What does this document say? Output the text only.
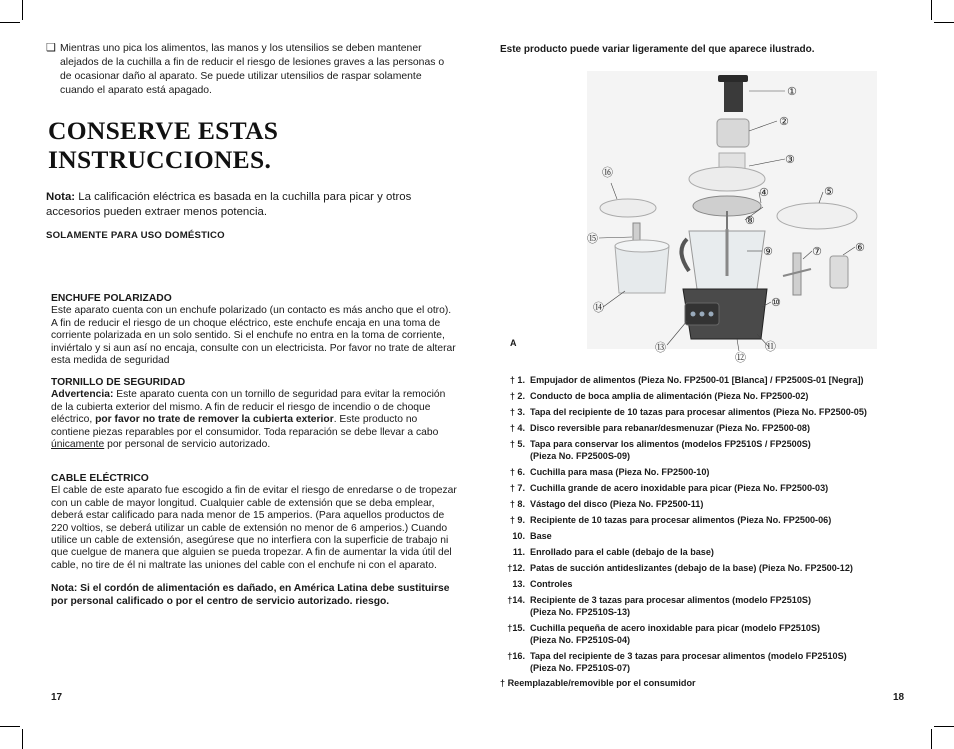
❑ Mientras uno pica los alimentos, las manos y los utensilios se deben mantener alejados de la cuchilla a fin de reducir el riesgo de lesiones graves a las personas o de ocasionar daño al aparato. Se puede utilizar utensilios de raspar solamente cuando el aparato está apagado.
CONSERVE ESTAS
INSTRUCCIONES.
Nota: La calificación eléctrica es basada en la cuchilla para picar y otros accesorios pueden extraer menos potencia.
SOLAMENTE PARA USO DOMÉSTICO
ENCHUFE POLARIZADO
Este aparato cuenta con un enchufe polarizado (un contacto es más ancho que el otro). A fin de reducir el riesgo de un choque eléctrico, este enchufe encaja en una toma de corriente polarizada en un solo sentido. Si el enchufe no entra en la toma de corriente, inviértalo y si aun así no encaja, consulte con un electricista. Por favor no trate de alterar esta medida de seguridad
TORNILLO DE SEGURIDAD
Advertencia: Este aparato cuenta con un tornillo de seguridad para evitar la remoción de la cubierta exterior del mismo. A fin de reducir el riesgo de incendio o de choque eléctrico, por favor no trate de remover la cubierta exterior. Este producto no contiene piezas reparables por el consumidor. Toda reparación se debe llevar a cabo únicamente por personal de servicio autorizado.
CABLE ELÉCTRICO
El cable de este aparato fue escogido a fin de evitar el riesgo de enredarse o de tropezar con un cable de mayor longitud. Cualquier cable de extensión que se deba emplear, deberá estar calificado para nada menor de 15 amperios. (Para aquellos productos de 220 voltios, se deberá utilizar un cable de extensión no menor de 6 amperios.) Cuando utilice un cable de extensión, asegúrese que no interfiera con la superficie de trabajo ni que cuelgue de manera que alguien se pueda tropezar. A fin de aumentar la vida útil del cable, no tire de él ni maltrate las uniones del cable con el enchufe ni con el aparato.
Nota: Si el cordón de alimentación es dañado, en América Latina debe sustituirse por personal calificado o por el centro de servicio autorizado. riesgo.
17
Este producto puede variar ligeramente del que aparece ilustrado.
①
②
③
④	⑤
⑥
⑦
⑧
⑨
⑩
⑪
⑫
⑬
⑭
⑮
⑯
A
† 1. Empujador de alimentos (Pieza No. FP2500-01 [Blanca] / FP2500S-01 [Negra])
† 2. Conducto de boca amplia de alimentación (Pieza No. FP2500-02)
† 3. Tapa del recipiente de 10 tazas para procesar alimentos (Pieza No. FP2500-05)
† 4. Disco reversible para rebanar/desmenuzar (Pieza No. FP2500-08)
† 5. Tapa para conservar los alimentos (modelos FP2510S / FP2500S)
(Pieza No. FP2500S-09)
† 6. Cuchilla para masa (Pieza No. FP2500-10)
† 7. Cuchilla grande de acero inoxidable para picar (Pieza No. FP2500-03)
† 8. Vástago del disco (Pieza No. FP2500-11)
† 9. Recipiente de 10 tazas para procesar alimentos (Pieza No. FP2500-06)
10. Base
11. Enrollado para el cable (debajo de la base)
†12. Patas de succión antideslizantes (debajo de la base) (Pieza No. FP2500-12)
13. Controles
†14. Recipiente de 3 tazas para procesar alimentos (modelo FP2510S)
(Pieza No. FP2510S-13)
†15. Cuchilla pequeña de acero inoxidable para picar (modelo FP2510S)
(Pieza No. FP2510S-04)
†16. Tapa del recipiente de 3 tazas para procesar alimentos (modelo FP2510S)
(Pieza No. FP2510S-07)
† Reemplazable/removible por el consumidor
18
